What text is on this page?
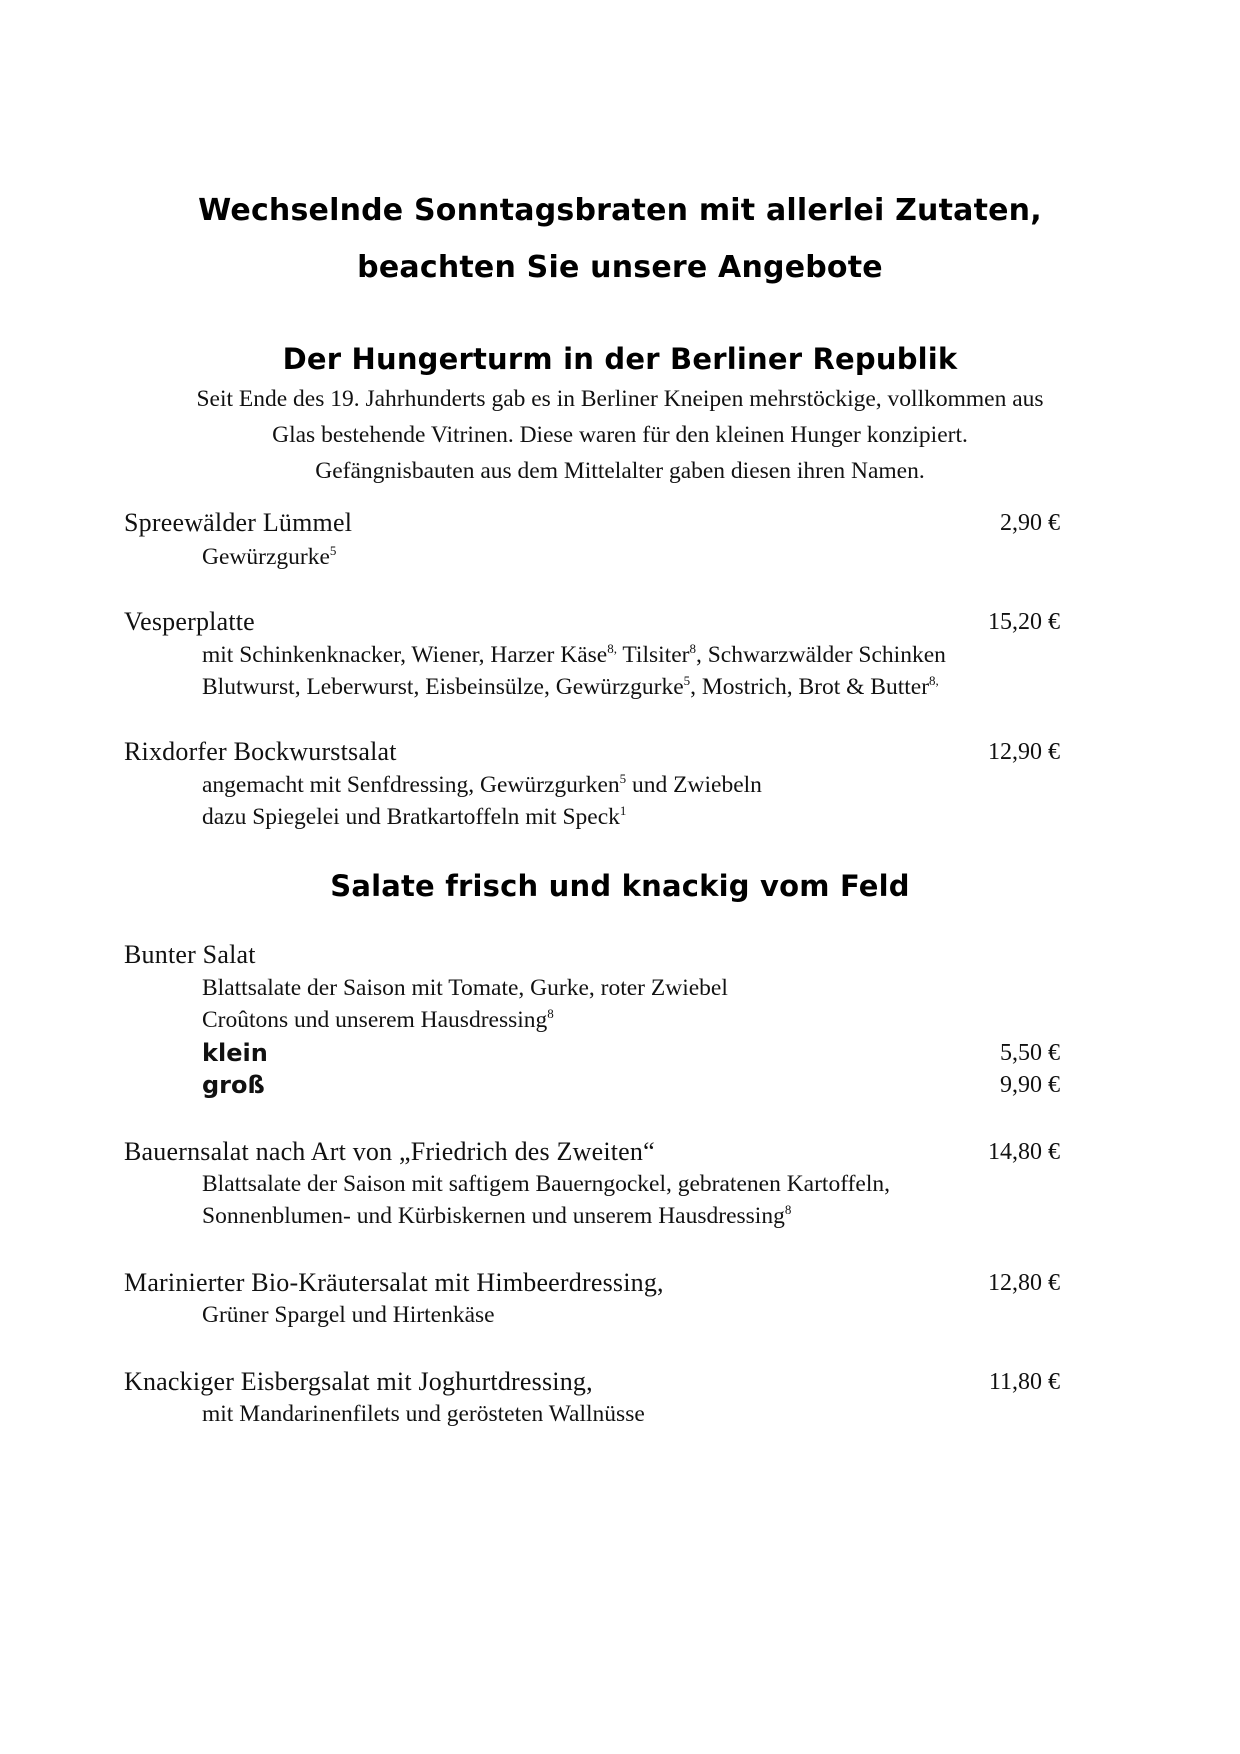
Wechselnde Sonntagsbraten mit allerlei Zutaten,
beachten Sie unsere Angebote
Der Hungerturm in der Berliner Republik
Seit Ende des 19. Jahrhunderts gab es in Berliner Kneipen mehrstöckige, vollkommen aus
Glas bestehende Vitrinen. Diese waren für den kleinen Hunger konzipiert.
Gefängnisbauten aus dem Mittelalter gaben diesen ihren Namen.
Spreewälder Lümmel	2,90 €
Gewürzgurke$^5$
Vesperplatte	15,20 €
mit Schinkenknacker, Wiener, Harzer Käse$^{8,}$ Tilsiter$^8$, Schwarzwälder Schinken
Blutwurst, Leberwurst, Eisbeinsülze, Gewürzgurke$^5$, Mostrich, Brot & Butter$^{8,}$
Rixdorfer Bockwurstsalat	12,90 €
angemacht mit Senfdressing, Gewürzgurken$^5$ und Zwiebeln
dazu Spiegelei und Bratkartoffeln mit Speck$^1$
Salate frisch und knackig vom Feld
Bunter Salat
Blattsalate der Saison mit Tomate, Gurke, roter Zwiebel
Croûtons und unserem Hausdressing$^8$
klein	5,50 €
groß	9,90 €
Bauernsalat nach Art von „Friedrich des Zweiten“	14,80 €
Blattsalate der Saison mit saftigem Bauerngockel, gebratenen Kartoffeln,
Sonnenblumen- und Kürbiskernen und unserem Hausdressing$^8$
Marinierter Bio-Kräutersalat mit Himbeerdressing,	12,80 €
Grüner Spargel und Hirtenkäse
Knackiger Eisbergsalat mit Joghurtdressing,	11,80 €
mit Mandarinenfilets und gerösteten Wallnüsse
